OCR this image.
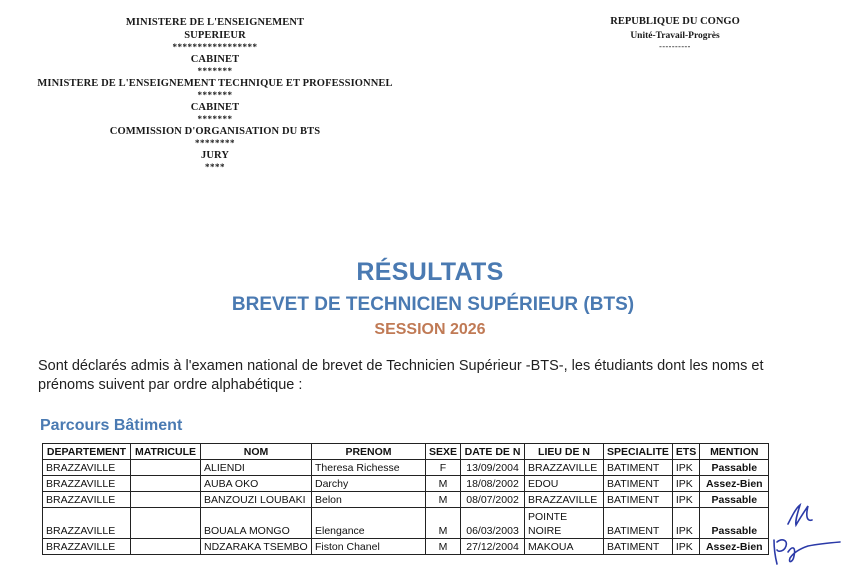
MINISTERE DE L'ENSEIGNEMENT
SUPERIEUR
*****************
CABINET
*******
MINISTERE DE L'ENSEIGNEMENT TECHNIQUE ET PROFESSIONNEL
*******
CABINET
*******
COMMISSION D'ORGANISATION DU BTS
********
JURY
****
REPUBLIQUE DU CONGO
Unité-Travail-Progrès
----------
RÉSULTATS
BREVET DE TECHNICIEN SUPÉRIEUR (BTS)
SESSION 2026
Sont déclarés admis à l'examen national de brevet de Technicien Supérieur -BTS-, les étudiants dont les noms et prénoms suivent par ordre alphabétique :
Parcours Bâtiment
DEPARTEMENT	MATRICULE	NOM	PRENOM	SEXE	DATE DE N	LIEU DE N	SPECIALITE	ETS	MENTION
BRAZZAVILLE		ALIENDI	Theresa Richesse	F	13/09/2004	BRAZZAVILLE	BATIMENT	IPK	Passable
BRAZZAVILLE		AUBA OKO	Darchy	M	18/08/2002	EDOU	BATIMENT	IPK	Assez-Bien
BRAZZAVILLE		BANZOUZI LOUBAKI	Belon	M	08/07/2002	BRAZZAVILLE	BATIMENT	IPK	Passable
BRAZZAVILLE		BOUALA MONGO	Elengance	M	06/03/2003	POINTE NOIRE	BATIMENT	IPK	Passable
BRAZZAVILLE		NDZARAKA TSEMBO	Fiston Chanel	M	27/12/2004	MAKOUA	BATIMENT	IPK	Assez-Bien
